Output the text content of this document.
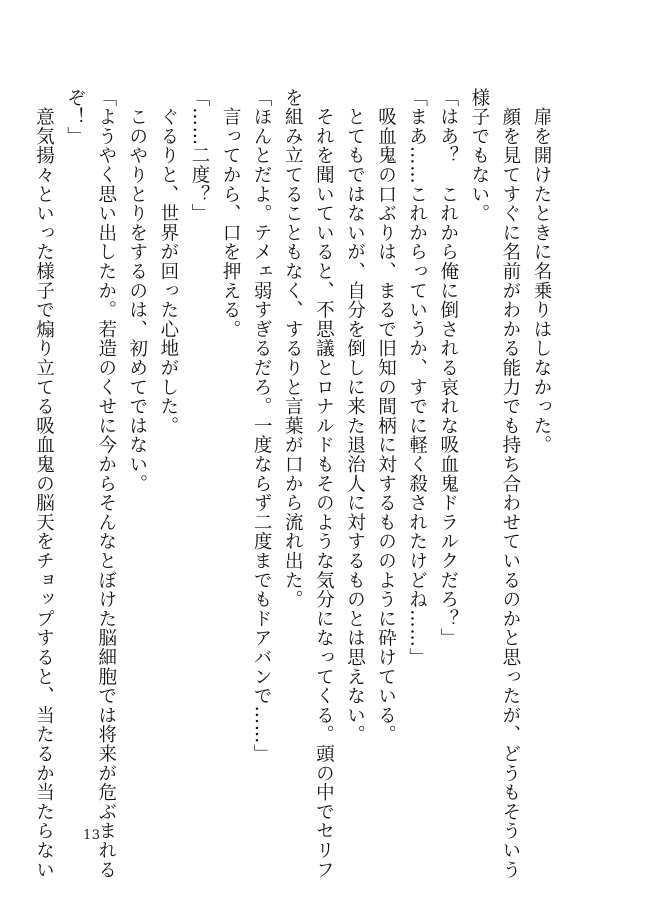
　扉を開けたときに名乗りはしなかった。
　顔を見てすぐに名前がわかる能力でも持ち合わせているのかと思ったが、どうもそういう
様子でもない。
「はあ？　これから俺に倒される哀れな吸血鬼ドラルクだろ？」
「まあ……これからっていうか、すでに軽く殺されたけどね……」
　吸血鬼の口ぶりは、まるで旧知の間柄に対するもののように砕けている。
　とてもではないが、自分を倒しに来た退治人に対するものとは思えない。
　それを聞いていると、不思議とロナルドもそのような気分になってくる。頭の中でセリフ
を組み立てることもなく、するりと言葉が口から流れ出た。
「ほんとだよ。テメェ弱すぎるだろ。一度ならず二度までもドアバンで……」
　言ってから、口を押える。
「……二度？」
　ぐるりと、世界が回った心地がした。
　このやりとりをするのは、初めてではない。
「ようやく思い出したか。若造のくせに今からそんなとぼけた脳細胞では将来が危ぶまれる
ぞ！」
　意気揚々といった様子で煽り立てる吸血鬼の脳天をチョップすると、当たるか当たらない	13
